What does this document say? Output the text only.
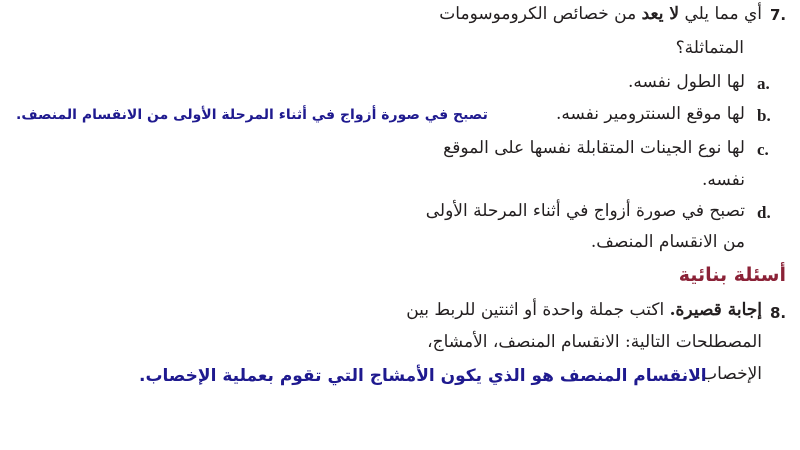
7.
أي مما يلي لا يعد من خصائص الكروموسومات
المتماثلة؟
a.
لها الطول نفسه.
b.
لها موقع السنترومير نفسه.
تصبح في صورة أزواج في أثناء المرحلة الأولى من الانقسام المنصف.
c.
لها نوع الجينات المتقابلة نفسها على الموقع
نفسه.
d.
تصبح في صورة أزواج في أثناء المرحلة الأولى
من الانقسام المنصف.
أسئلة بنائية
8.
إجابة قصيرة. اكتب جملة واحدة أو اثنتين للربط بين
المصطلحات التالية: الانقسام المنصف، الأمشاج،
الإخصاب.
الانقسام المنصف هو الذي يكون الأمشاج التي تقوم بعملية الإخصاب.
